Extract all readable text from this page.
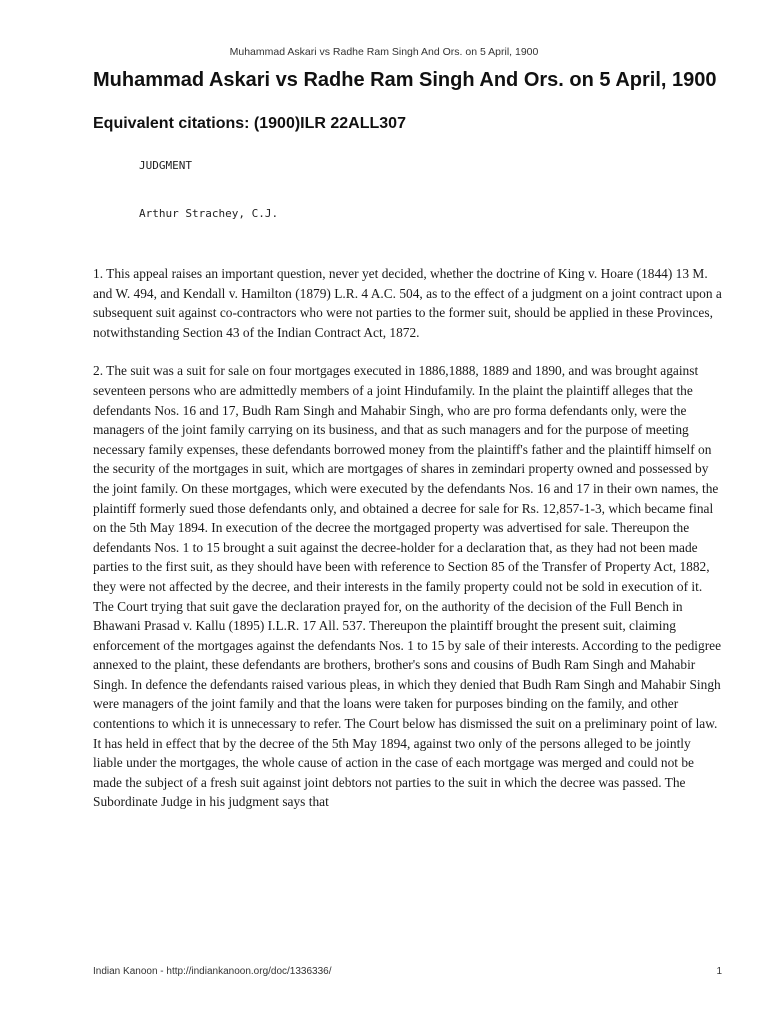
Muhammad Askari vs Radhe Ram Singh And Ors. on 5 April, 1900
Muhammad Askari vs Radhe Ram Singh And Ors. on 5 April, 1900
Equivalent citations: (1900)ILR 22ALL307
JUDGMENT
Arthur Strachey, C.J.

1. This appeal raises an important question, never yet decided, whether the doctrine of King v. Hoare (1844) 13 M. and W. 494, and Kendall v. Hamilton (1879) L.R. 4 A.C. 504, as to the effect of a judgment on a joint contract upon a subsequent suit against co-contractors who were not parties to the former suit, should be applied in these Provinces, notwithstanding Section 43 of the Indian Contract Act, 1872.

2. The suit was a suit for sale on four mortgages executed in 1886,1888, 1889 and 1890, and was brought against seventeen persons who are admittedly members of a joint Hindufamily. In the plaint the plaintiff alleges that the defendants Nos. 16 and 17, Budh Ram Singh and Mahabir Singh, who are pro forma defendants only, were the managers of the joint family carrying on its business, and that as such managers and for the purpose of meeting necessary family expenses, these defendants borrowed money from the plaintiff's father and the plaintiff himself on the security of the mortgages in suit, which are mortgages of shares in zemindari property owned and possessed by the joint family. On these mortgages, which were executed by the defendants Nos. 16 and 17 in their own names, the plaintiff formerly sued those defendants only, and obtained a decree for sale for Rs. 12,857-1-3, which became final on the 5th May 1894. In execution of the decree the mortgaged property was advertised for sale. Thereupon the defendants Nos. 1 to 15 brought a suit against the decree-holder for a declaration that, as they had not been made parties to the first suit, as they should have been with reference to Section 85 of the Transfer of Property Act, 1882, they were not affected by the decree, and their interests in the family property could not be sold in execution of it. The Court trying that suit gave the declaration prayed for, on the authority of the decision of the Full Bench in Bhawani Prasad v. Kallu (1895) I.L.R. 17 All. 537. Thereupon the plaintiff brought the present suit, claiming enforcement of the mortgages against the defendants Nos. 1 to 15 by sale of their interests. According to the pedigree annexed to the plaint, these defendants are brothers, brother's sons and cousins of Budh Ram Singh and Mahabir Singh. In defence the defendants raised various pleas, in which they denied that Budh Ram Singh and Mahabir Singh were managers of the joint family and that the loans were taken for purposes binding on the family, and other contentions to which it is unnecessary to refer. The Court below has dismissed the suit on a preliminary point of law. It has held in effect that by the decree of the 5th May 1894, against two only of the persons alleged to be jointly liable under the mortgages, the whole cause of action in the case of each mortgage was merged and could not be made the subject of a fresh suit against joint debtors not parties to the suit in which the decree was passed. The Subordinate Judge in his judgment says that

Indian Kanoon - http://indiankanoon.org/doc/1336336/	1
